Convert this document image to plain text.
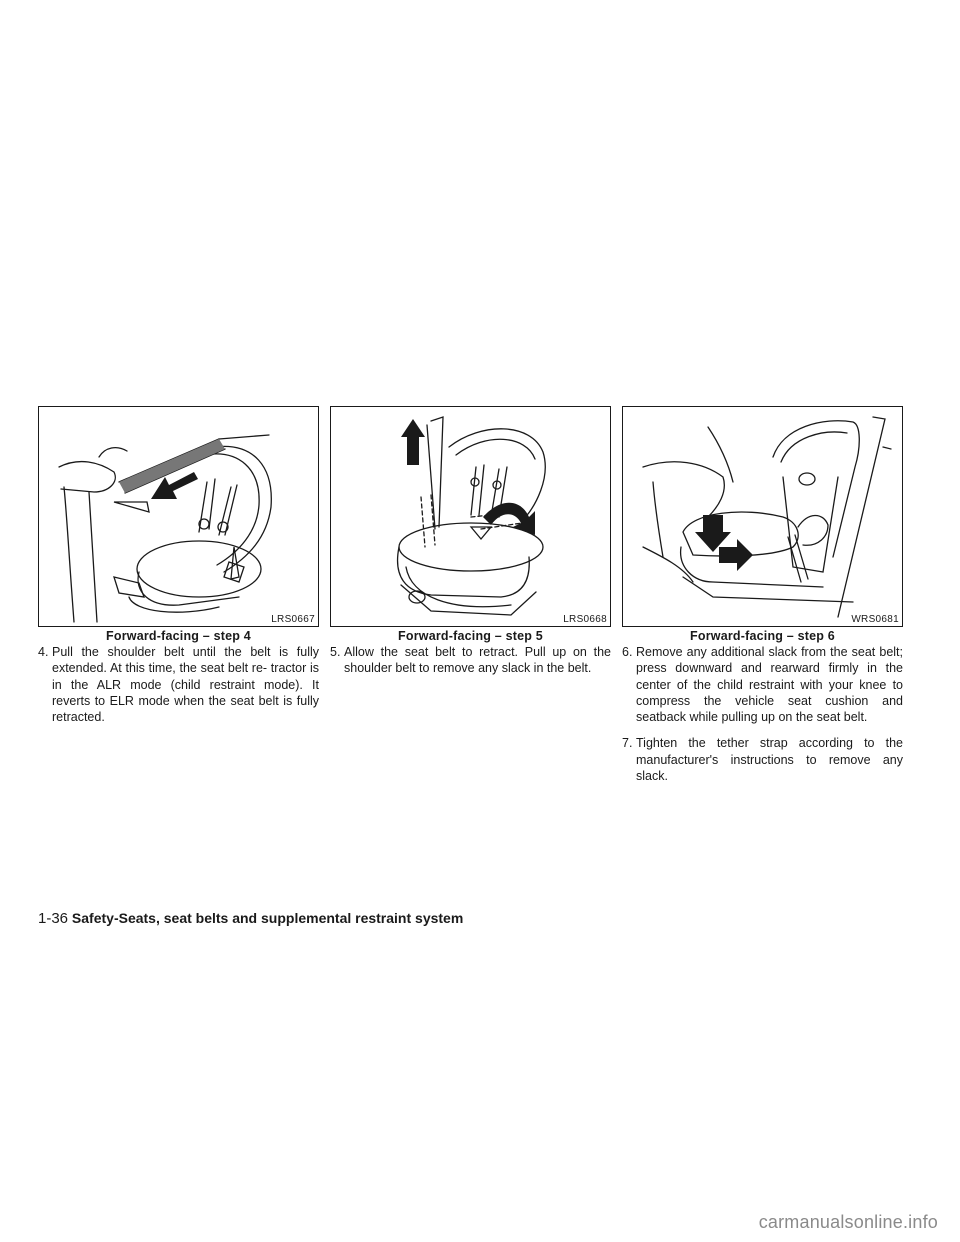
LRS0667
Forward-facing – step 4

4. Pull the shoulder belt until the belt is fully extended. At this time, the seat belt re- tractor is in the ALR mode (child restraint mode). It reverts to ELR mode when the seat belt is fully retracted.

LRS0668
Forward-facing – step 5

5. Allow the seat belt to retract. Pull up on the shoulder belt to remove any slack in the belt.

WRS0681
Forward-facing – step 6

6. Remove any additional slack from the seat belt; press downward and rearward firmly in the center of the child restraint with your knee to compress the vehicle seat cushion and seatback while pulling up on the seat belt.

7. Tighten the tether strap according to the manufacturer's instructions to remove any slack.

1-36 Safety-Seats, seat belts and supplemental restraint system
carmanualsonline.info
